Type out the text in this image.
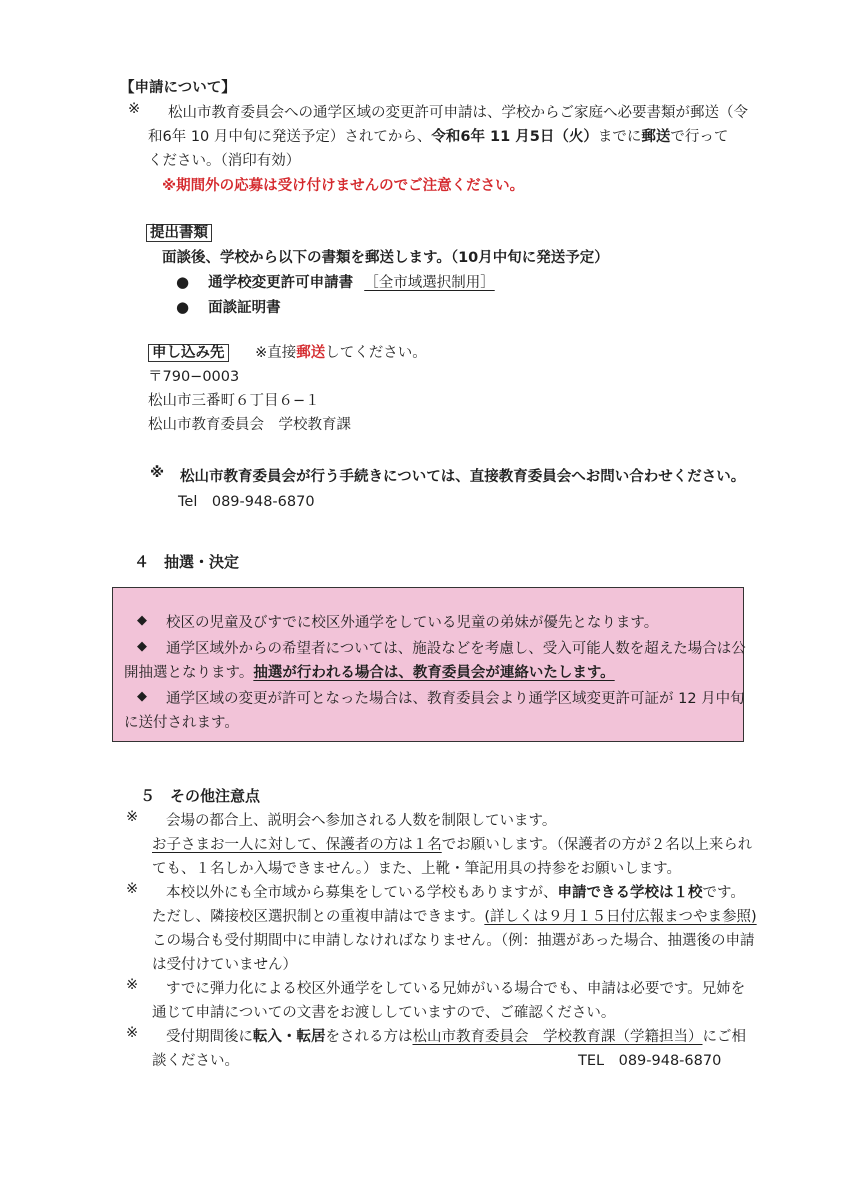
【申請について】
※ 松山市教育委員会への通学区域の変更許可申請は、学校からご家庭へ必要書類が郵送（令
和6年 10 月中旬に発送予定）されてから、令和6年 11 月5日（火）までに郵送で行って
ください。（消印有効）
※期間外の応募は受け付けませんのでご注意ください。
提出書類
面談後、学校から以下の書類を郵送します。（10月中旬に発送予定）
● 通学校変更許可申請書 ［全市域選択制用］
● 面談証明書
申し込み先 ※直接郵送してください。
〒790−0003
松山市三番町６丁目６−１
松山市教育委員会　学校教育課
※ 松山市教育委員会が行う手続きについては、直接教育委員会へお問い合わせください。
Tel　089-948-6870
４　抽選・決定
◆ 校区の児童及びすでに校区外通学をしている児童の弟妹が優先となります。
◆ 通学区域外からの希望者については、施設などを考慮し、受入可能人数を超えた場合は公
開抽選となります。抽選が行われる場合は、教育委員会が連絡いたします。
◆ 通学区域の変更が許可となった場合は、教育委員会より通学区域変更許可証が 12 月中旬
に送付されます。
５　その他注意点
※ 会場の都合上、説明会へ参加される人数を制限しています。
お子さまお一人に対して、保護者の方は１名でお願いします。（保護者の方が２名以上来られ
ても、１名しか入場できません。）また、上靴・筆記用具の持参をお願いします。
※ 本校以外にも全市域から募集をしている学校もありますが、申請できる学校は１校です。
ただし、隣接校区選択制との重複申請はできます。(詳しくは９月１５日付広報まつやま参照)
この場合も受付期間中に申請しなければなりません。（例：抽選があった場合、抽選後の申請
は受付けていません）
※ すでに弾力化による校区外通学をしている兄姉がいる場合でも、申請は必要です。兄姉を
通じて申請についての文書をお渡ししていますので、ご確認ください。
※ 受付期間後に転入・転居をされる方は松山市教育委員会　学校教育課（学籍担当）にご相
談ください。	TEL　089-948-6870
